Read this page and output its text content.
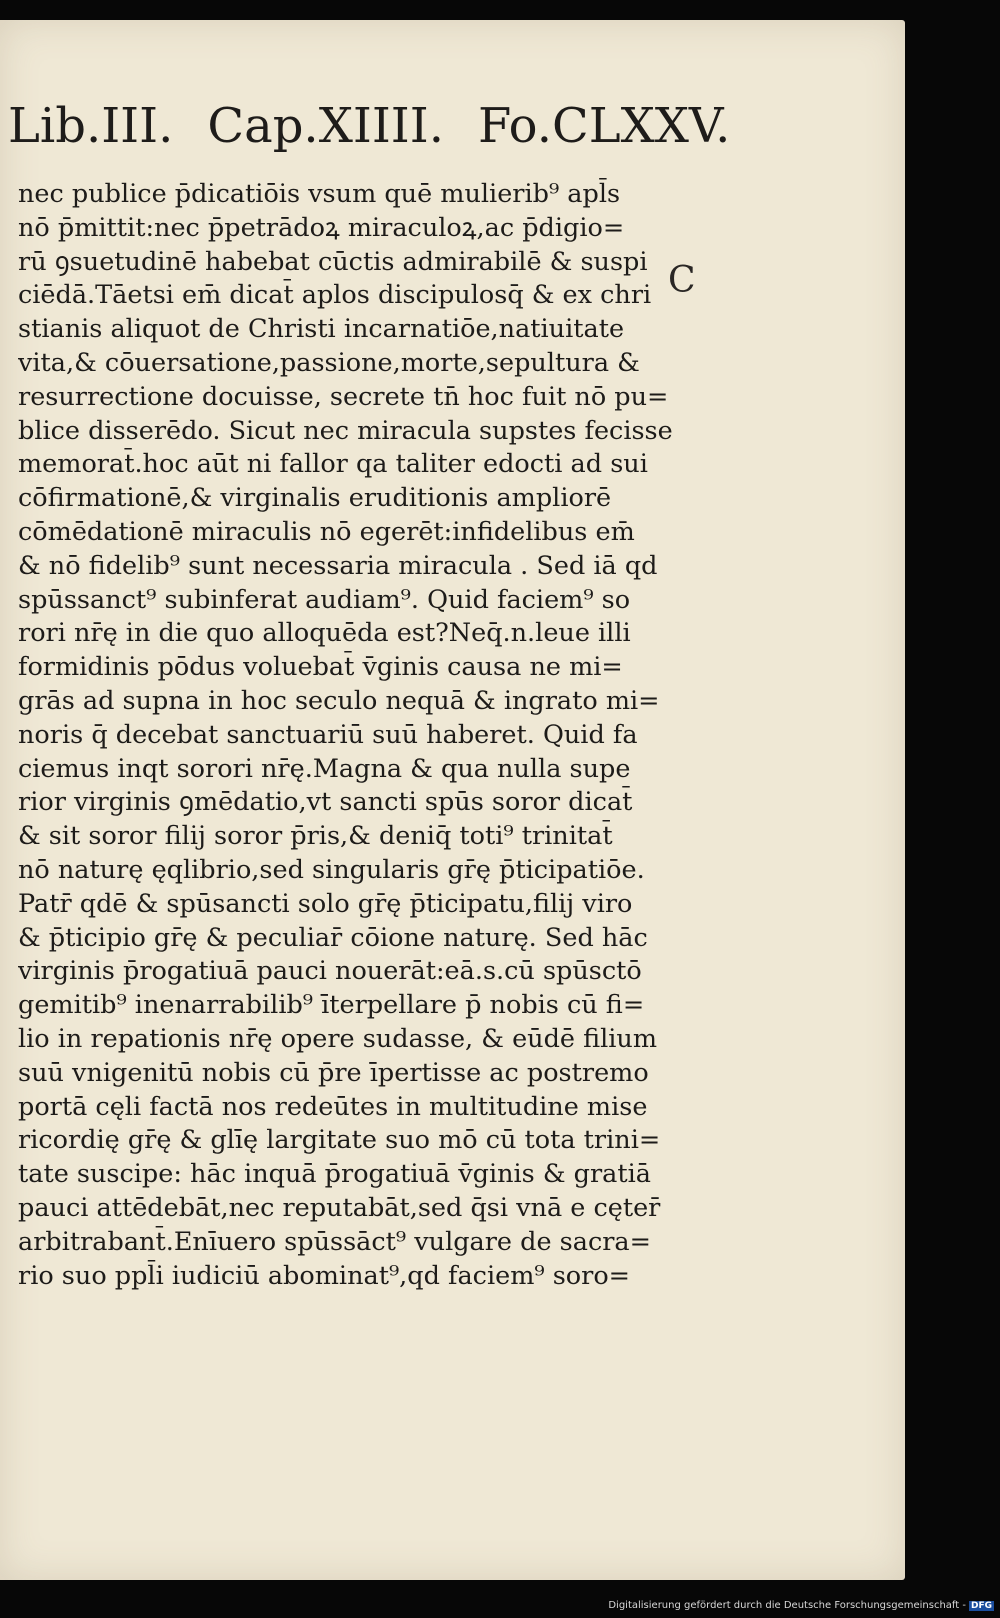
Lib.III. Cap.XIIII. Fo.CLXXV.
C
nec publice p̄dicatiōis vsum quē mulierib⁹ apl̄s
nō p̄mittit:nec p̄petrādoꝝ miraculoꝝ,ac p̄digio=
rū ꝯsuetudinē habebat cūctis admirabilē & suspi
ciēdā.Tāetsi em̄ dicat̄ aplos discipulosq̄ & ex chri
stianis aliquot de Christi incarnatiōe,natiuitate
vita,& cōuersatione,passione,morte,sepultura &
resurrectione docuisse, secrete tn̄ hoc fuit nō pu=
blice disserēdo. Sicut nec miracula supstes fecisse
memorat̄.hoc aūt ni fallor qa taliter edocti ad sui
cōfirmationē,& virginalis eruditionis ampliorē
cōmēdationē miraculis nō egerēt:infidelibus em̄
& nō fidelib⁹ sunt necessaria miracula . Sed iā qd
spūssanct⁹ subinferat audiam⁹. Quid faciem⁹ so
rori nr̄ę in die quo alloquēda est?Neq̄.n.leue illi
formidinis pōdus voluebat̄ v̄ginis causa ne mi=
grās ad supna in hoc seculo nequā & ingrato mi=
noris q̄ decebat sanctuariū suū haberet. Quid fa
ciemus inqt sorori nr̄ę.Magna & qua nulla supe
rior virginis ꝯmēdatio,vt sancti spūs soror dicat̄
& sit soror filij soror p̄ris,& deniq̄ toti⁹ trinitat̄
nō naturę ęqlibrio,sed singularis gr̄ę p̄ticipatiōe.
Patr̄ qdē & spūsancti solo gr̄ę p̄ticipatu,filij viro
& p̄ticipio gr̄ę & peculiar̄ cōione naturę. Sed hāc
virginis p̄rogatiuā pauci nouerāt:eā.s.cū spūsctō
gemitib⁹ inenarrabilib⁹ īterpellare p̄ nobis cū fi=
lio in repationis nr̄ę opere sudasse, & eūdē filium
suū vnigenitū nobis cū p̄re īpertisse ac postremo
portā cęli factā nos redeūtes in multitudine mise
ricordię gr̄ę & glīę largitate suo mō cū tota trini=
tate suscipe: hāc inquā p̄rogatiuā v̄ginis & gratiā
pauci attēdebāt,nec reputabāt,sed q̄si vnā e cęter̄
arbitrabant̄.Enīuero spūssāct⁹ vulgare de sacra=
rio suo ppl̄i iudiciū abominat⁹,qd faciem⁹ soro=
Digitalisierung gefördert durch die Deutsche Forschungsgemeinschaft - DFG
